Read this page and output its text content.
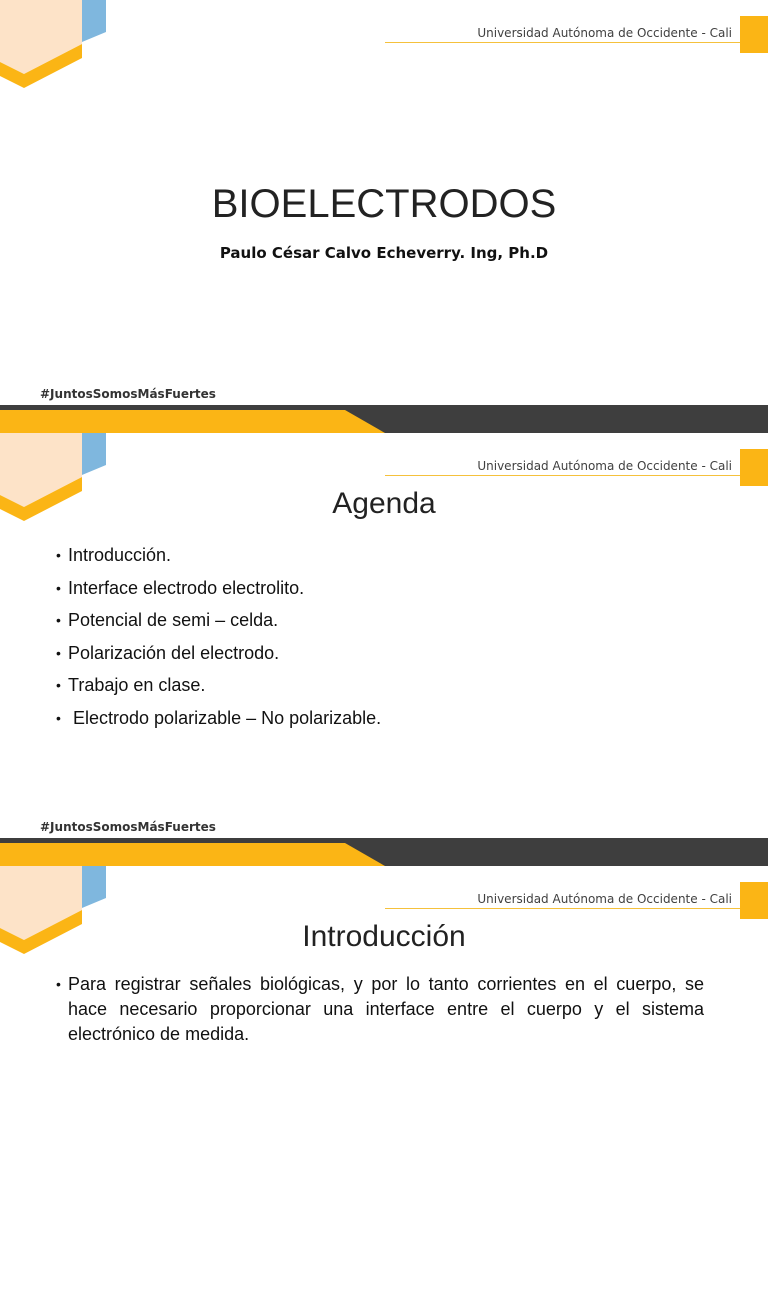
Universidad Autónoma de Occidente - Cali
BIOELECTRODOS
Paulo César Calvo Echeverry. Ing, Ph.D
#JuntosSomosMásFuertes
Universidad Autónoma de Occidente - Cali
Agenda
• Introducción.
• Interface electrodo electrolito.
• Potencial de semi – celda.
• Polarización del electrodo.
• Trabajo en clase.
•  Electrodo polarizable – No polarizable.
#JuntosSomosMásFuertes
Universidad Autónoma de Occidente - Cali
Introducción
• Para registrar señales biológicas, y por lo tanto corrientes en el cuerpo, se hace necesario proporcionar una interface entre el cuerpo y el sistema electrónico de medida.
